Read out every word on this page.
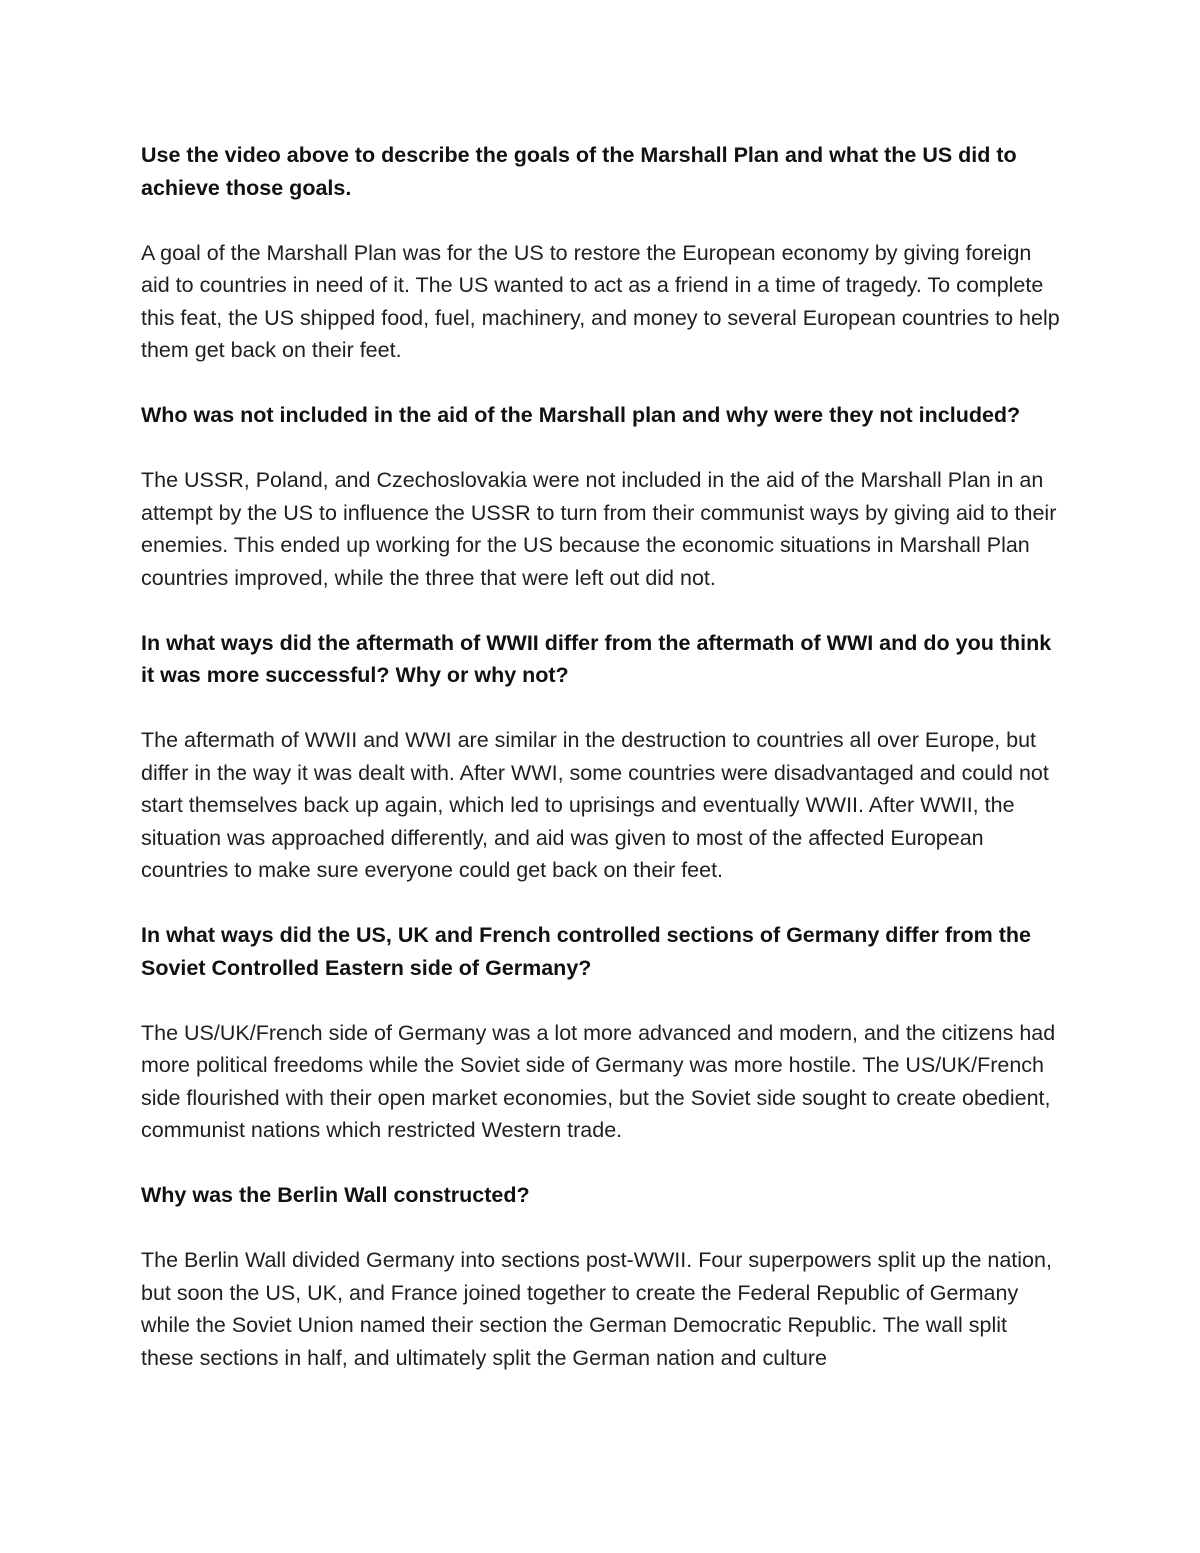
Use the video above to describe the goals of the Marshall Plan and what the US did to achieve those goals.

A goal of the Marshall Plan was for the US to restore the European economy by giving foreign aid to countries in need of it. The US wanted to act as a friend in a time of tragedy. To complete this feat, the US shipped food, fuel, machinery, and money to several European countries to help them get back on their feet.

Who was not included in the aid of the Marshall plan and why were they not included?

The USSR, Poland, and Czechoslovakia were not included in the aid of the Marshall Plan in an attempt by the US to influence the USSR to turn from their communist ways by giving aid to their enemies. This ended up working for the US because the economic situations in Marshall Plan countries improved, while the three that were left out did not.

In what ways did the aftermath of WWII differ from the aftermath of WWI and do you think it was more successful? Why or why not?

The aftermath of WWII and WWI are similar in the destruction to countries all over Europe, but differ in the way it was dealt with. After WWI, some countries were disadvantaged and could not start themselves back up again, which led to uprisings and eventually WWII. After WWII, the situation was approached differently, and aid was given to most of the affected European countries to make sure everyone could get back on their feet.

In what ways did the US, UK and French controlled sections of Germany differ from the Soviet Controlled Eastern side of Germany?

The US/UK/French side of Germany was a lot more advanced and modern, and the citizens had more political freedoms while the Soviet side of Germany was more hostile. The US/UK/French side flourished with their open market economies, but the Soviet side sought to create obedient, communist nations which restricted Western trade.

Why was the Berlin Wall constructed?

The Berlin Wall divided Germany into sections post-WWII. Four superpowers split up the nation, but soon the US, UK, and France joined together to create the Federal Republic of Germany while the Soviet Union named their section the German Democratic Republic. The wall split these sections in half, and ultimately split the German nation and culture
